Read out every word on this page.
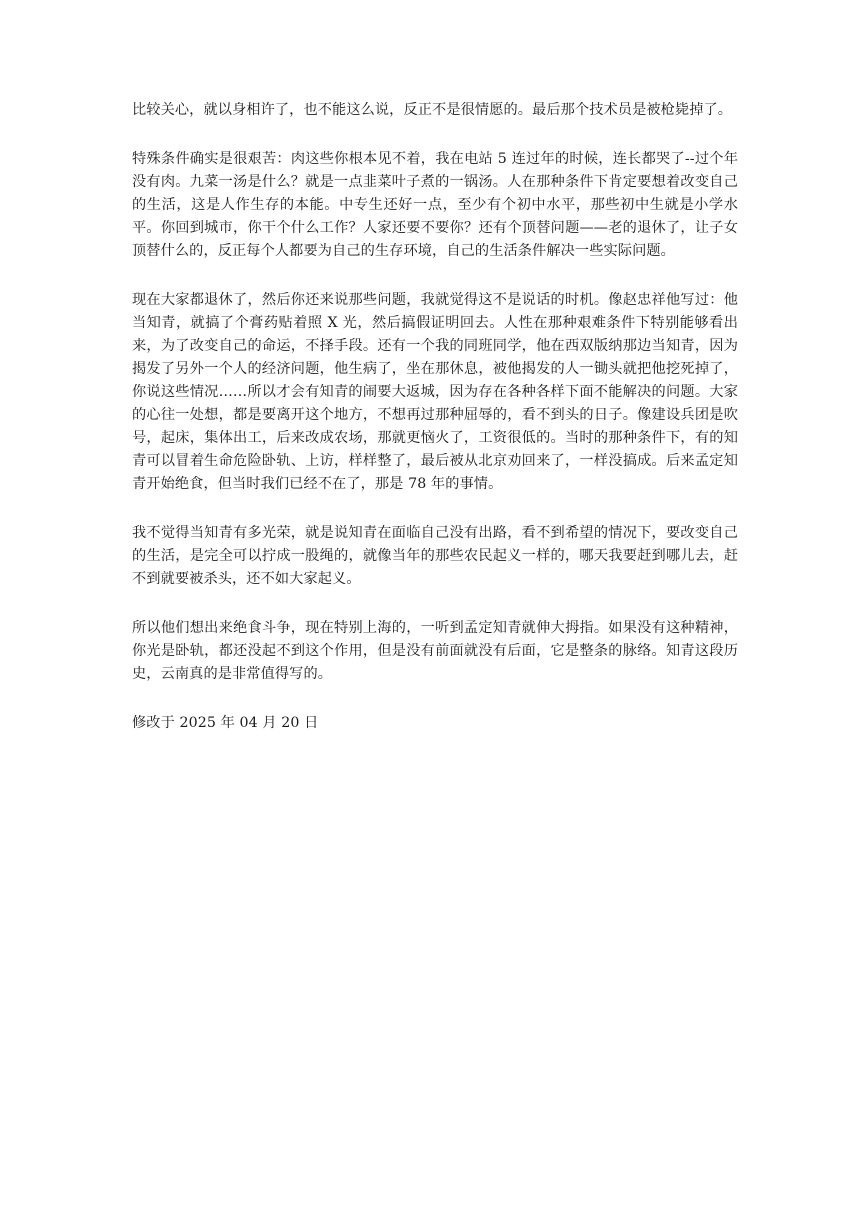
比较关心，就以身相许了，也不能这么说，反正不是很情愿的。最后那个技术员是被枪毙掉了。

特殊条件确实是很艰苦：肉这些你根本见不着，我在电站 5 连过年的时候，连长都哭了--过个年没有肉。九菜一汤是什么？就是一点韭菜叶子煮的一锅汤。人在那种条件下肯定要想着改变自己的生活，这是人作生存的本能。中专生还好一点，至少有个初中水平，那些初中生就是小学水平。你回到城市，你干个什么工作？人家还要不要你？还有个顶替问题——老的退休了，让子女顶替什么的，反正每个人都要为自己的生存环境，自己的生活条件解决一些实际问题。

现在大家都退休了，然后你还来说那些问题，我就觉得这不是说话的时机。像赵忠祥他写过：他当知青，就搞了个膏药贴着照 X 光，然后搞假证明回去。人性在那种艰难条件下特别能够看出来，为了改变自己的命运，不择手段。还有一个我的同班同学，他在西双版纳那边当知青，因为揭发了另外一个人的经济问题，他生病了，坐在那休息，被他揭发的人一锄头就把他挖死掉了，你说这些情况……所以才会有知青的闹要大返城，因为存在各种各样下面不能解决的问题。大家的心往一处想，都是要离开这个地方，不想再过那种屈辱的，看不到头的日子。像建设兵团是吹号，起床，集体出工，后来改成农场，那就更恼火了，工资很低的。当时的那种条件下，有的知青可以冒着生命危险卧轨、上访，样样整了，最后被从北京劝回来了，一样没搞成。后来孟定知青开始绝食，但当时我们已经不在了，那是 78 年的事情。

我不觉得当知青有多光荣，就是说知青在面临自己没有出路，看不到希望的情况下，要改变自己的生活，是完全可以拧成一股绳的，就像当年的那些农民起义一样的，哪天我要赶到哪儿去，赶不到就要被杀头，还不如大家起义。

所以他们想出来绝食斗争，现在特别上海的，一听到孟定知青就伸大拇指。如果没有这种精神，你光是卧轨，都还没起不到这个作用，但是没有前面就没有后面，它是整条的脉络。知青这段历史，云南真的是非常值得写的。

修改于 2025 年 04 月 20 日
